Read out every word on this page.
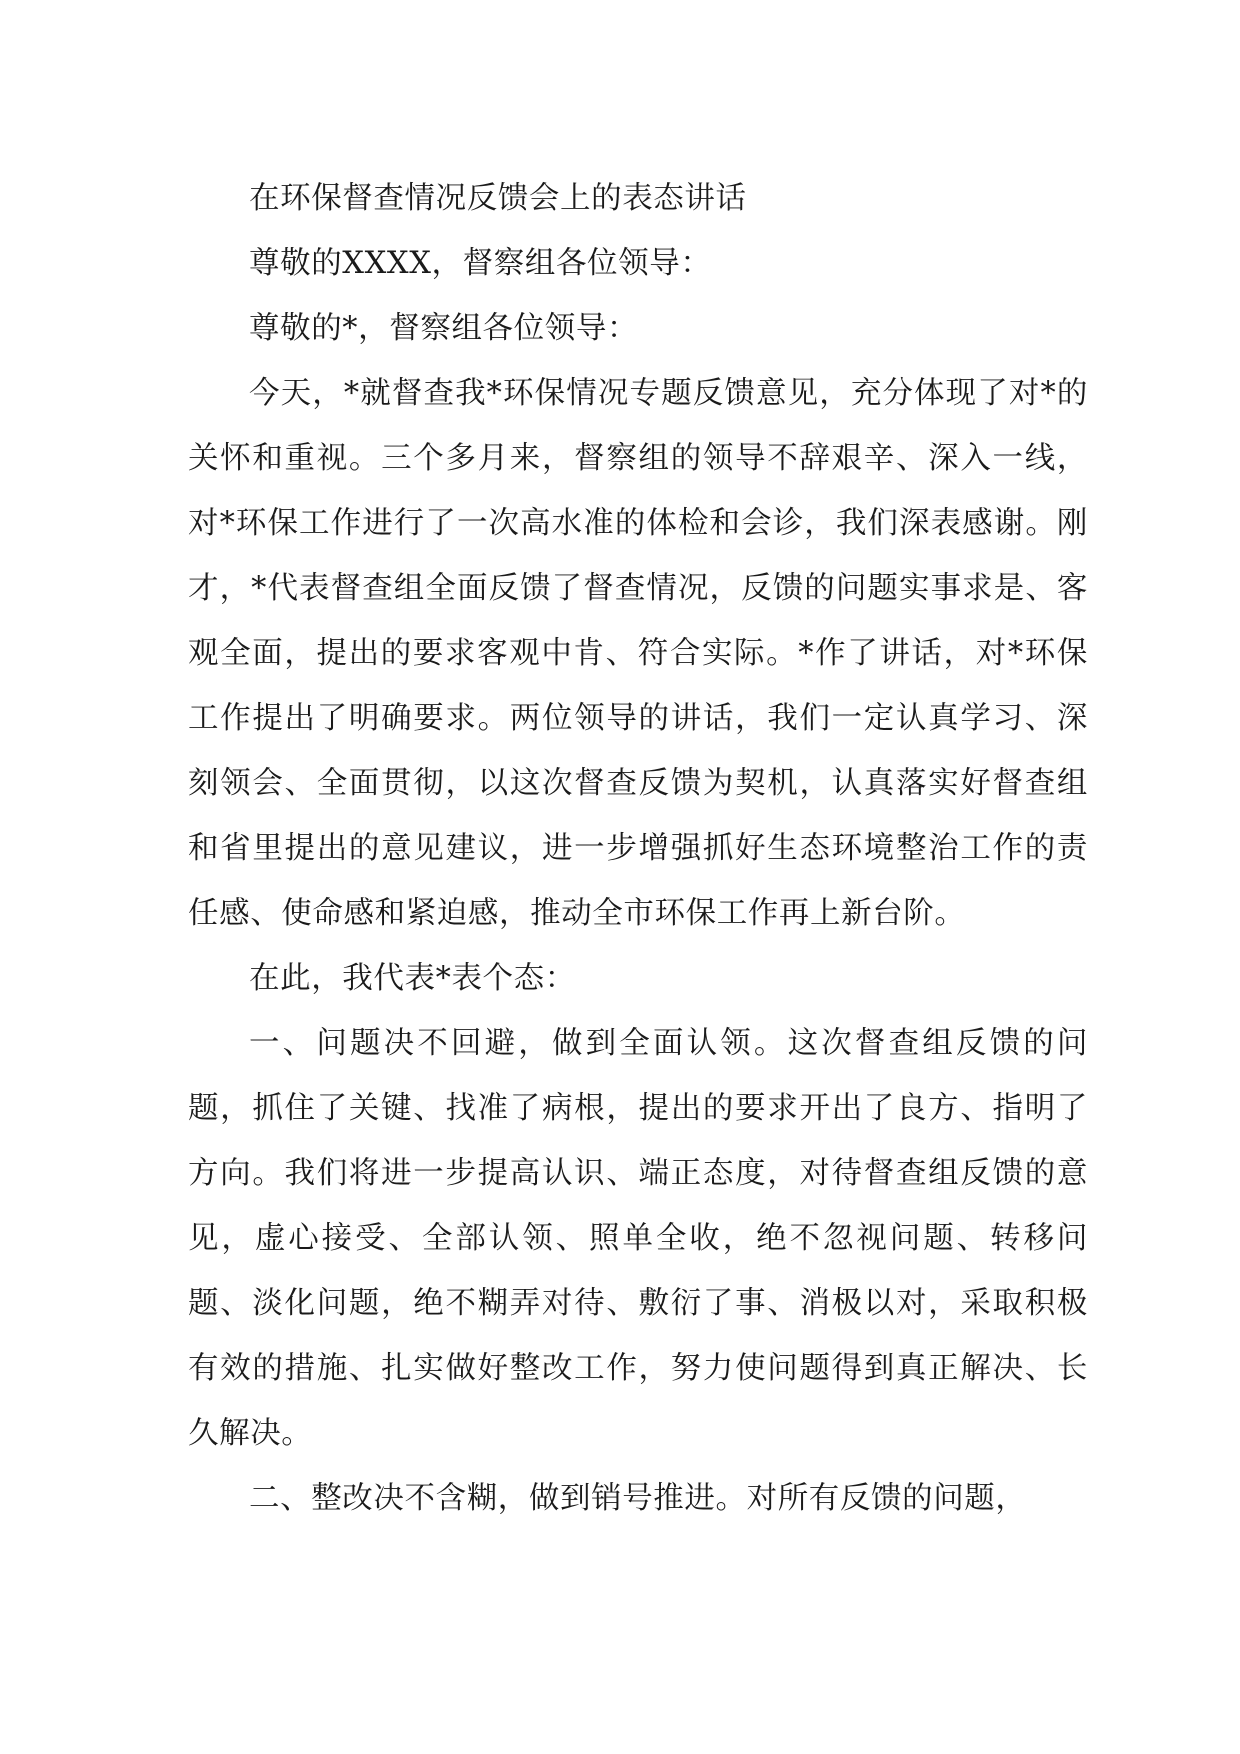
在环保督查情况反馈会上的表态讲话

尊敬的XXXX，督察组各位领导：

尊敬的*，督察组各位领导：

今天，*就督查我*环保情况专题反馈意见，充分体现了对*的关怀和重视。三个多月来，督察组的领导不辞艰辛、深入一线，对*环保工作进行了一次高水准的体检和会诊，我们深表感谢。刚才，*代表督查组全面反馈了督查情况，反馈的问题实事求是、客观全面，提出的要求客观中肯、符合实际。*作了讲话，对*环保工作提出了明确要求。两位领导的讲话，我们一定认真学习、深刻领会、全面贯彻，以这次督查反馈为契机，认真落实好督查组和省里提出的意见建议，进一步增强抓好生态环境整治工作的责任感、使命感和紧迫感，推动全市环保工作再上新台阶。

在此，我代表*表个态：

一、问题决不回避，做到全面认领。这次督查组反馈的问题，抓住了关键、找准了病根，提出的要求开出了良方、指明了方向。我们将进一步提高认识、端正态度，对待督查组反馈的意见，虚心接受、全部认领、照单全收，绝不忽视问题、转移问题、淡化问题，绝不糊弄对待、敷衍了事、消极以对，采取积极有效的措施、扎实做好整改工作，努力使问题得到真正解决、长久解决。

二、整改决不含糊，做到销号推进。对所有反馈的问题，
